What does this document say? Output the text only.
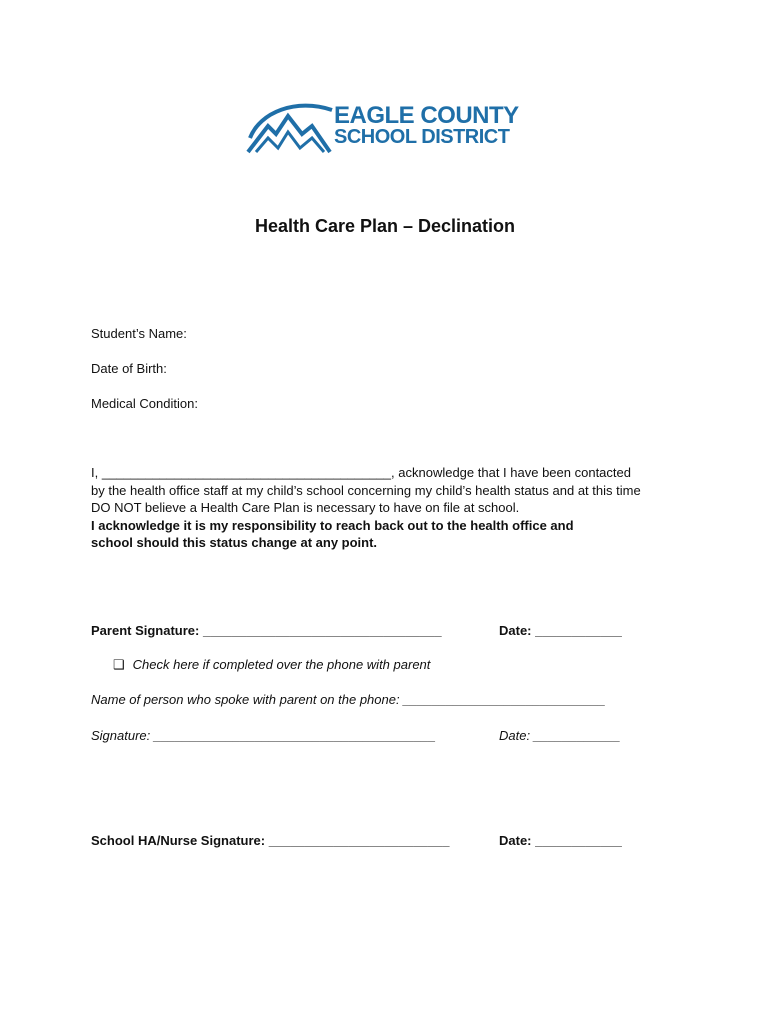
EAGLE COUNTY
SCHOOL DISTRICT
Health Care Plan – Declination
Student’s Name:
Date of Birth:
Medical Condition:
I, ________________________________________, acknowledge that I have been contacted
by the health office staff at my child’s school concerning my child’s health status and at this time
DO NOT believe a Health Care Plan is necessary to have on file at school.
I acknowledge it is my responsibility to reach back out to the health office and
school should this status change at any point.
Parent Signature: _________________________________	Date: ____________
❑ Check here if completed over the phone with parent
Name of person who spoke with parent on the phone: ____________________________
Signature: _______________________________________	Date: ____________
School HA/Nurse Signature: _________________________	Date: ____________
